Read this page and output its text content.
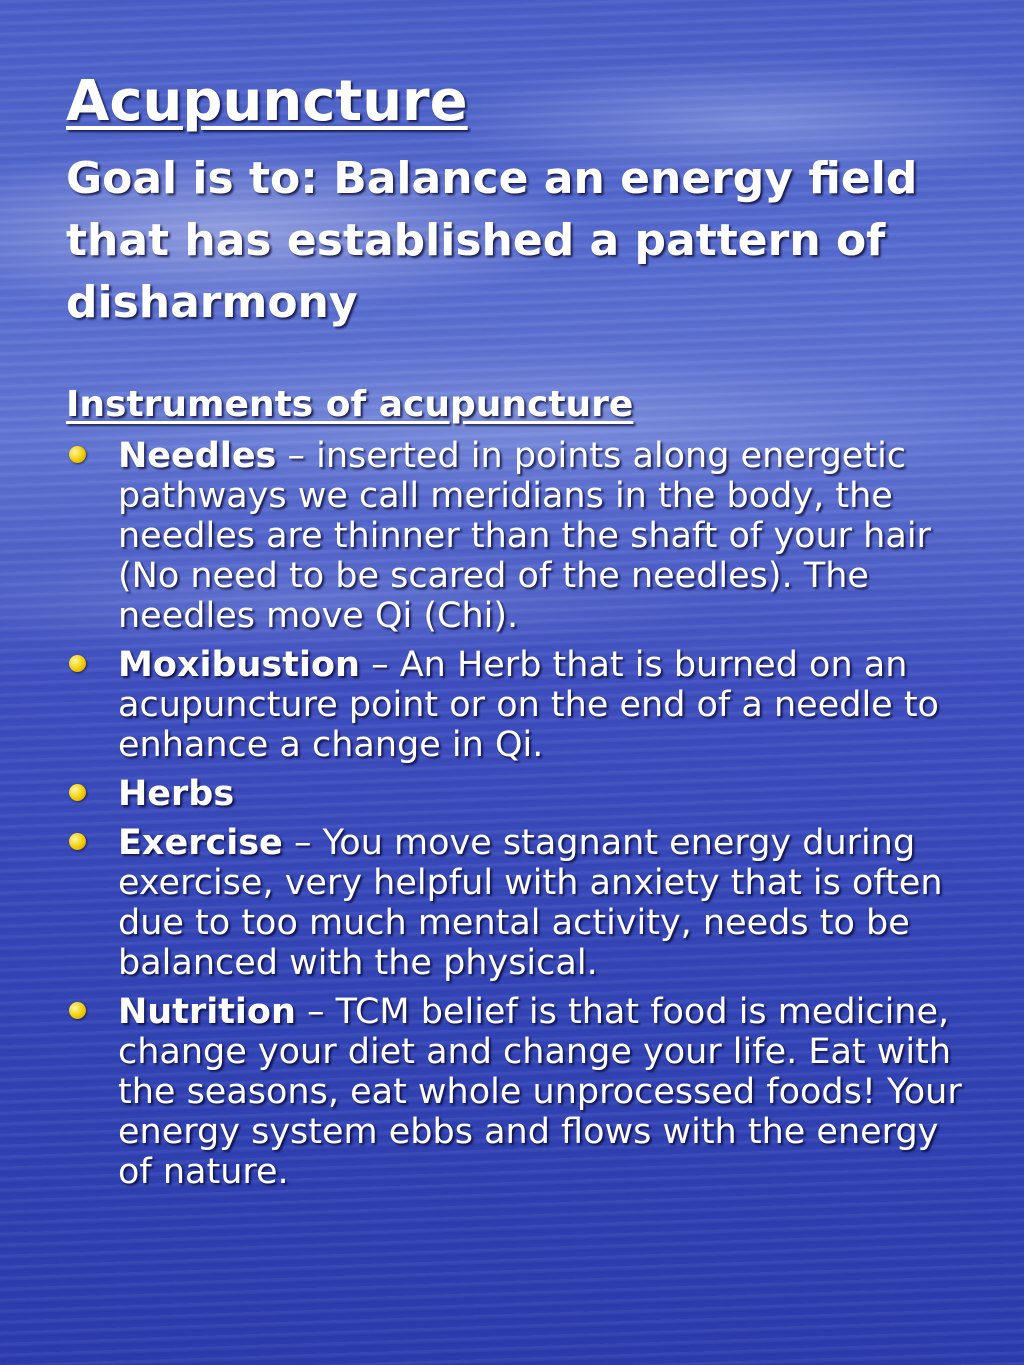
Acupuncture
Goal is to: Balance an energy field that has established a pattern of disharmony
Instruments of acupuncture
Needles – inserted in points along energetic pathways we call meridians in the body, the needles are thinner than the shaft of your hair (No need to be scared of the needles). The needles move Qi (Chi).
Moxibustion – An Herb that is burned on an acupuncture point or on the end of a needle to enhance a change in Qi.
Herbs
Exercise – You move stagnant energy during exercise, very helpful with anxiety that is often due to too much mental activity, needs to be balanced with the physical.
Nutrition – TCM belief is that food is medicine, change your diet and change your life. Eat with the seasons, eat whole unprocessed foods! Your energy system ebbs and flows with the energy of nature.
